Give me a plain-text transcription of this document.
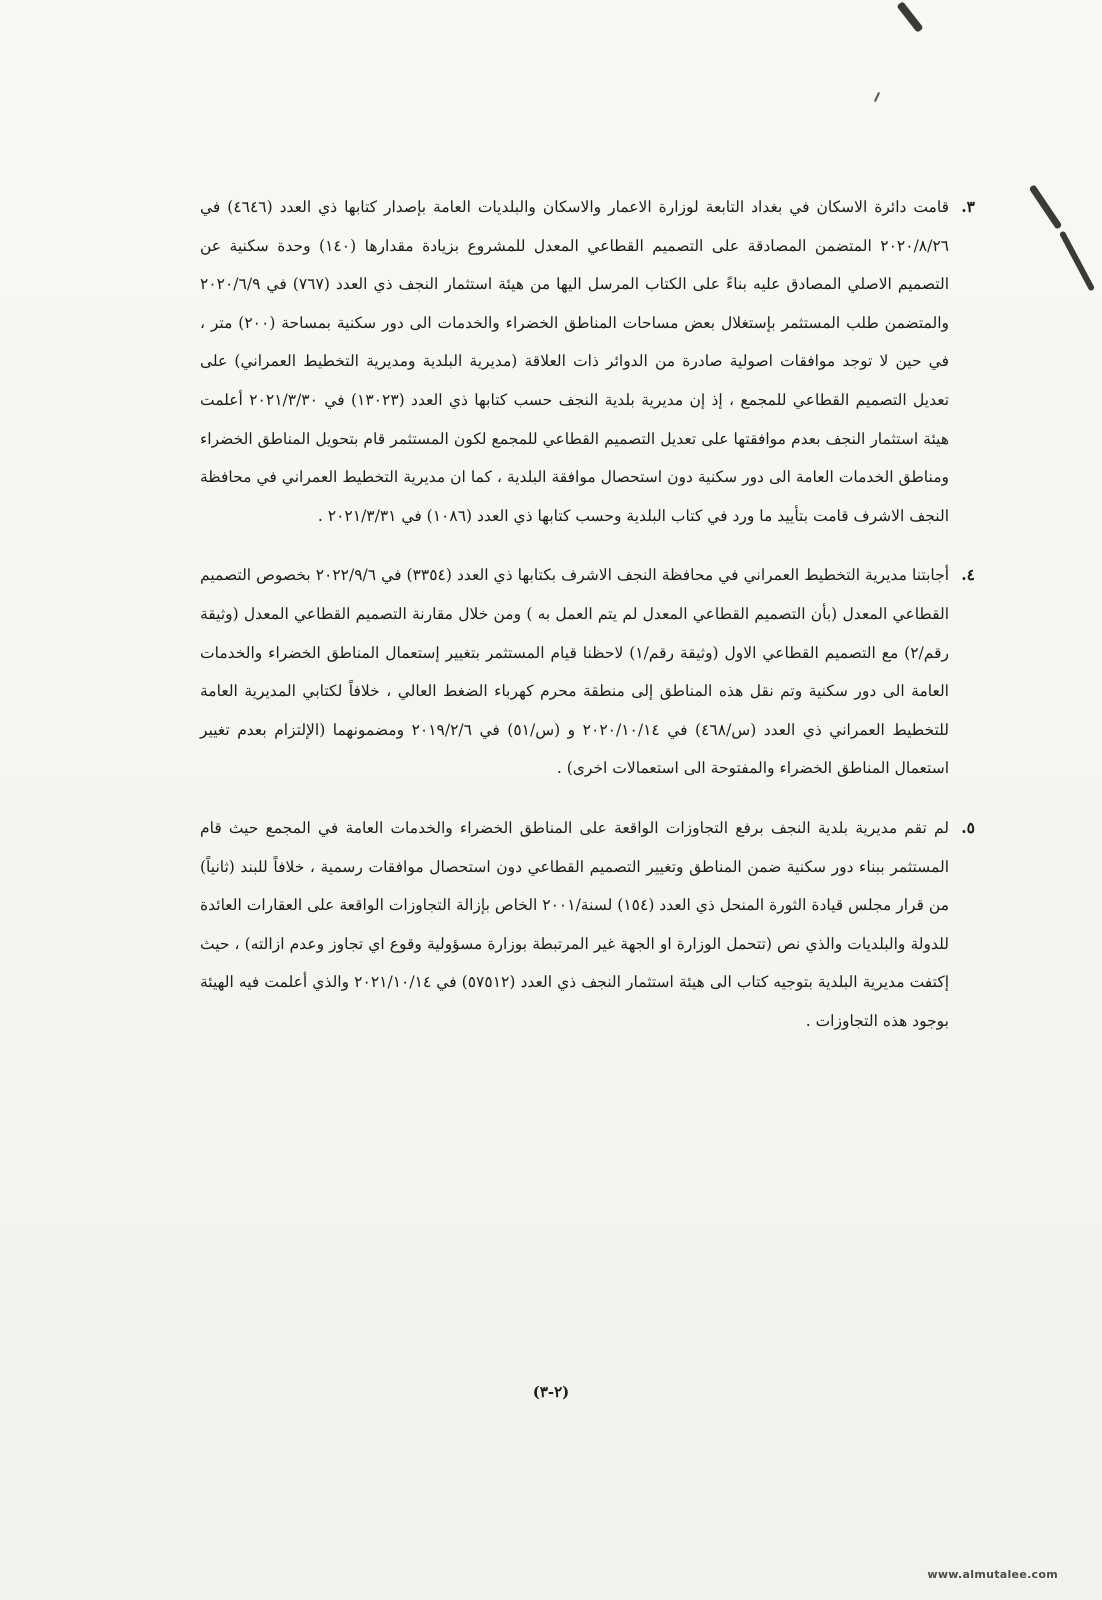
٣.
قامت دائرة الاسكان في بغداد التابعة لوزارة الاعمار والاسكان والبلديات العامة بإصدار كتابها ذي العدد (٤٦٤٦) في ٢٠٢٠/٨/٢٦ المتضمن المصادقة على التصميم القطاعي المعدل للمشروع بزيادة مقدارها (١٤٠) وحدة سكنية عن التصميم الاصلي المصادق عليه بناءً على الكتاب المرسل اليها من هيئة استثمار النجف ذي العدد (٧٦٧) في ٢٠٢٠/٦/٩ والمتضمن طلب المستثمر بإستغلال بعض مساحات المناطق الخضراء والخدمات الى دور سكنية بمساحة (٢٠٠) متر ، في حين لا توجد موافقات اصولية صادرة من الدوائر ذات العلاقة (مديرية البلدية ومديرية التخطيط العمراني) على تعديل التصميم القطاعي للمجمع ، إذ إن مديرية بلدية النجف حسب كتابها ذي العدد (١٣٠٢٣) في ٢٠٢١/٣/٣٠ أعلمت هيئة استثمار النجف بعدم موافقتها على تعديل التصميم القطاعي للمجمع لكون المستثمر قام بتحويل المناطق الخضراء ومناطق الخدمات العامة الى دور سكنية دون استحصال موافقة البلدية ، كما ان مديرية التخطيط العمراني في محافظة النجف الاشرف قامت بتأييد ما ورد في كتاب البلدية وحسب كتابها ذي العدد (١٠٨٦) في ٢٠٢١/٣/٣١ .
٤.
أجابتنا مديرية التخطيط العمراني في محافظة النجف الاشرف بكتابها ذي العدد (٣٣٥٤) في ٢٠٢٢/٩/٦ بخصوص التصميم القطاعي المعدل (بأن التصميم القطاعي المعدل لم يتم العمل به ) ومن خلال مقارنة التصميم القطاعي المعدل (وثيقة رقم/٢) مع التصميم القطاعي الاول (وثيقة رقم/١) لاحظنا قيام المستثمر بتغيير إستعمال المناطق الخضراء والخدمات العامة الى دور سكنية وتم نقل هذه المناطق إلى منطقة محرم كهرباء الضغط العالي ، خلافاً لكتابي المديرية العامة للتخطيط العمراني ذي العدد (س/٤٦٨) في ٢٠٢٠/١٠/١٤ و (س/٥١) في ٢٠١٩/٢/٦ ومضمونهما (الإلتزام بعدم تغيير استعمال المناطق الخضراء والمفتوحة الى استعمالات اخرى) .
٥.
لم تقم مديرية بلدية النجف برفع التجاوزات الواقعة على المناطق الخضراء والخدمات العامة في المجمع حيث قام المستثمر ببناء دور سكنية ضمن المناطق وتغيير التصميم القطاعي دون استحصال موافقات رسمية ، خلافاً للبند (ثانياً) من قرار مجلس قيادة الثورة المنحل ذي العدد (١٥٤) لسنة/٢٠٠١ الخاص بإزالة التجاوزات الواقعة على العقارات العائدة للدولة والبلديات والذي نص (تتحمل الوزارة او الجهة غير المرتبطة بوزارة مسؤولية وقوع اي تجاوز وعدم ازالته) ، حيث إكتفت مديرية البلدية بتوجيه كتاب الى هيئة استثمار النجف ذي العدد (٥٧٥١٢) في ٢٠٢١/١٠/١٤ والذي أعلمت فيه الهيئة بوجود هذه التجاوزات .
(٢-٣)
www.almutalee.com
